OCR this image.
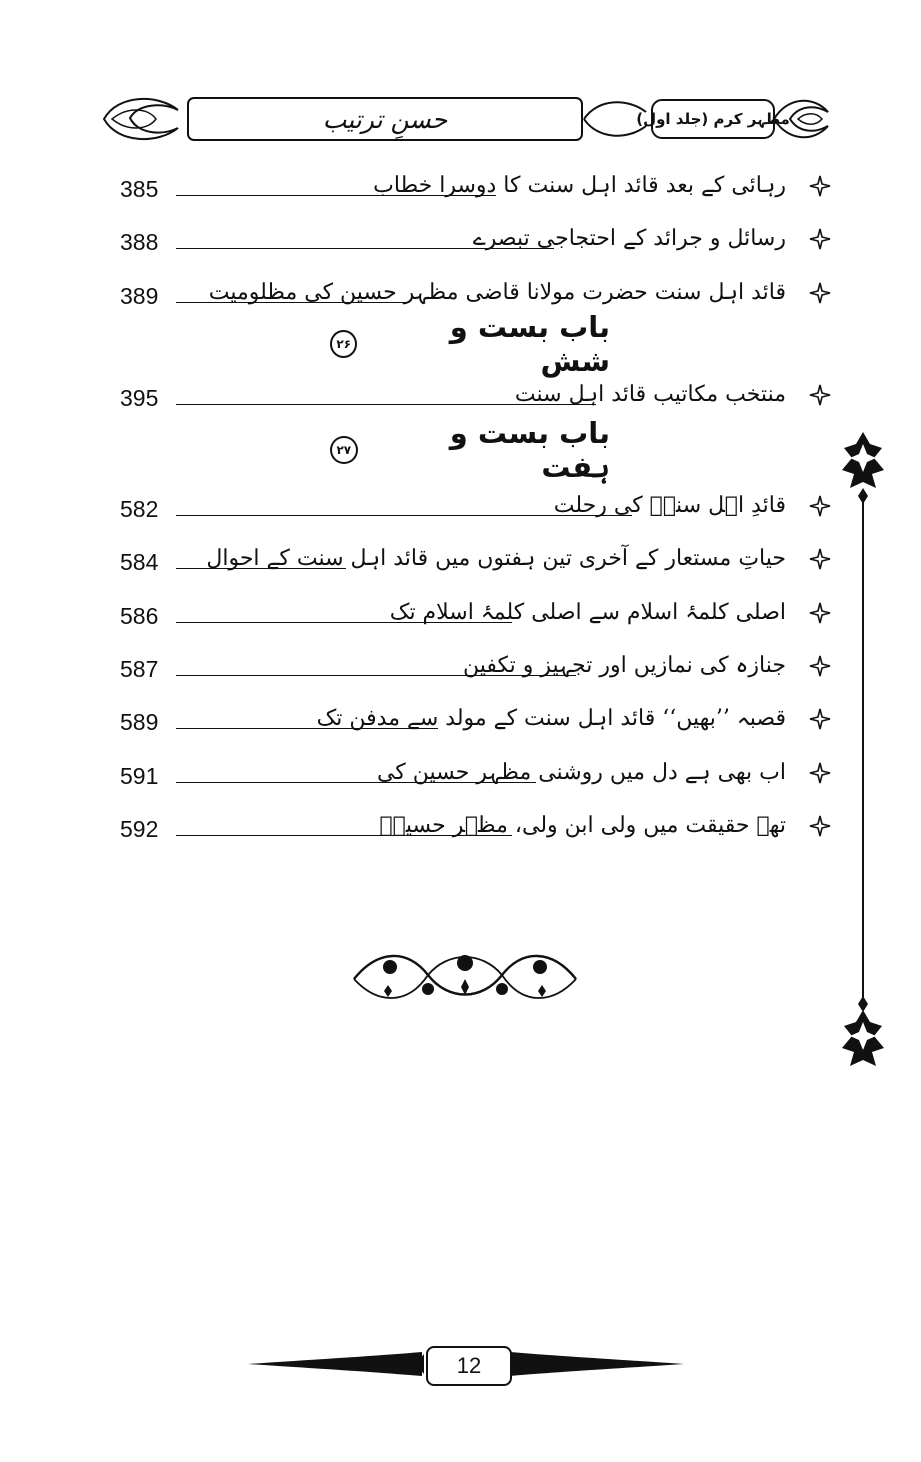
حسنِ ترتیب	مظہر کرم (جلد اول)
385	رہائی کے بعد قائد اہل سنت کا دوسرا خطاب
388	رسائل و جرائد کے احتجاجی تبصرے
389	قائد اہل سنت حضرت مولانا قاضی مظہر حسین کی مظلومیت
باب بست و شش
۲۶
395	منتخب مکاتیب قائد اہل سنت
باب بست و ہفت
۲۷
582	قائدِ اہل سنتؒ کی رحلت
584	حیاتِ مستعار کے آخری تین ہفتوں میں قائد اہل سنت کے احوال
586	اصلی کلمۂ اسلام سے اصلی کلمۂ اسلام تک
587	جنازہ کی نمازیں اور تجہیز و تکفین
589	قصبہ ’’بھیں‘‘ قائد اہل سنت کے مولد سے مدفن تک
591	اب بھی ہے دل میں روشنی مظہر حسین کی
592	تھے حقیقت میں ولی ابن ولی، مظہر حسینؒ
12
